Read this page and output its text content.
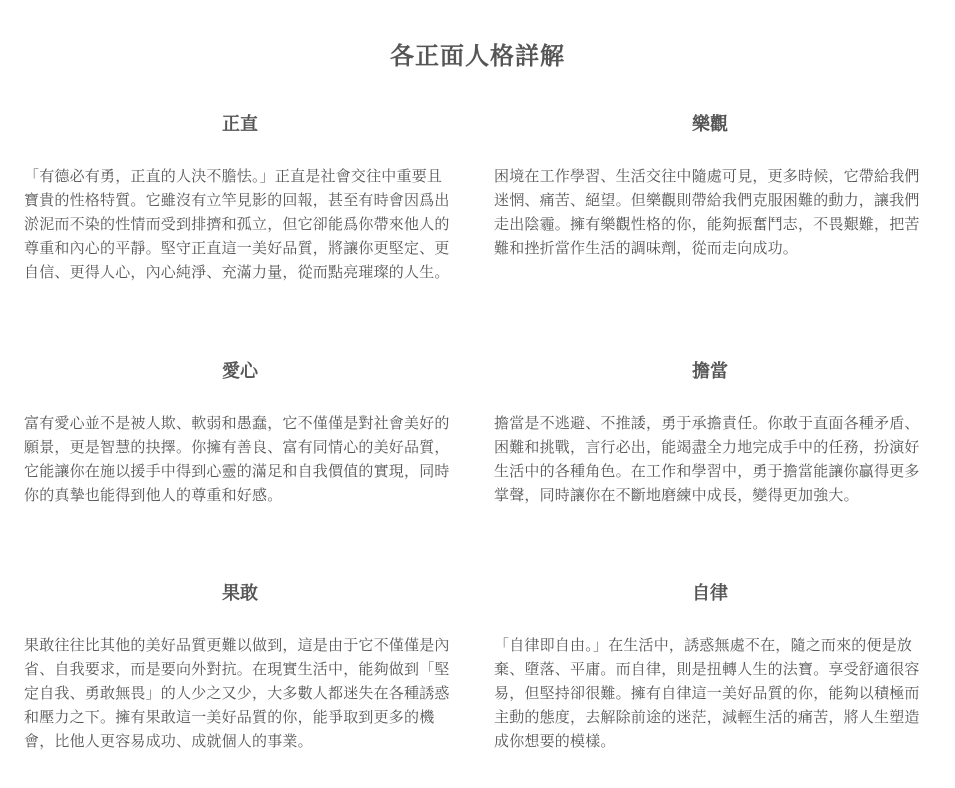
各正面人格詳解
正直

「有德必有勇，正直的人決不膽怯。」正直是社會交往中重要且寶貴的性格特質。它雖沒有立竿見影的回報，甚至有時會因爲出淤泥而不染的性情而受到排擠和孤立，但它卻能爲你帶來他人的尊重和內心的平靜。堅守正直這一美好品質，將讓你更堅定、更自信、更得人心，內心純淨、充滿力量，從而點亮璀璨的人生。

樂觀

困境在工作學習、生活交往中隨處可見，更多時候，它帶給我們迷惘、痛苦、絕望。但樂觀則帶給我們克服困難的動力，讓我們走出陰霾。擁有樂觀性格的你，能夠振奮鬥志，不畏艱難，把苦難和挫折當作生活的調味劑，從而走向成功。

愛心

富有愛心並不是被人欺、軟弱和愚蠢，它不僅僅是對社會美好的願景，更是智慧的抉擇。你擁有善良、富有同情心的美好品質，它能讓你在施以援手中得到心靈的滿足和自我價值的實現，同時你的真摯也能得到他人的尊重和好感。

擔當

擔當是不逃避、不推諉，勇于承擔責任。你敢于直面各種矛盾、困難和挑戰，言行必出，能竭盡全力地完成手中的任務，扮演好生活中的各種角色。在工作和學習中，勇于擔當能讓你贏得更多掌聲，同時讓你在不斷地磨練中成長，變得更加強大。

果敢

果敢往往比其他的美好品質更難以做到，這是由于它不僅僅是內省、自我要求，而是要向外對抗。在現實生活中，能夠做到「堅定自我、勇敢無畏」的人少之又少，大多數人都迷失在各種誘惑和壓力之下。擁有果敢這一美好品質的你，能爭取到更多的機會，比他人更容易成功、成就個人的事業。

自律

「自律即自由。」在生活中，誘惑無處不在，隨之而來的便是放棄、墮落、平庸。而自律，則是扭轉人生的法寶。享受舒適很容易，但堅持卻很難。擁有自律這一美好品質的你，能夠以積極而主動的態度，去解除前途的迷茫，減輕生活的痛苦，將人生塑造成你想要的模樣。
